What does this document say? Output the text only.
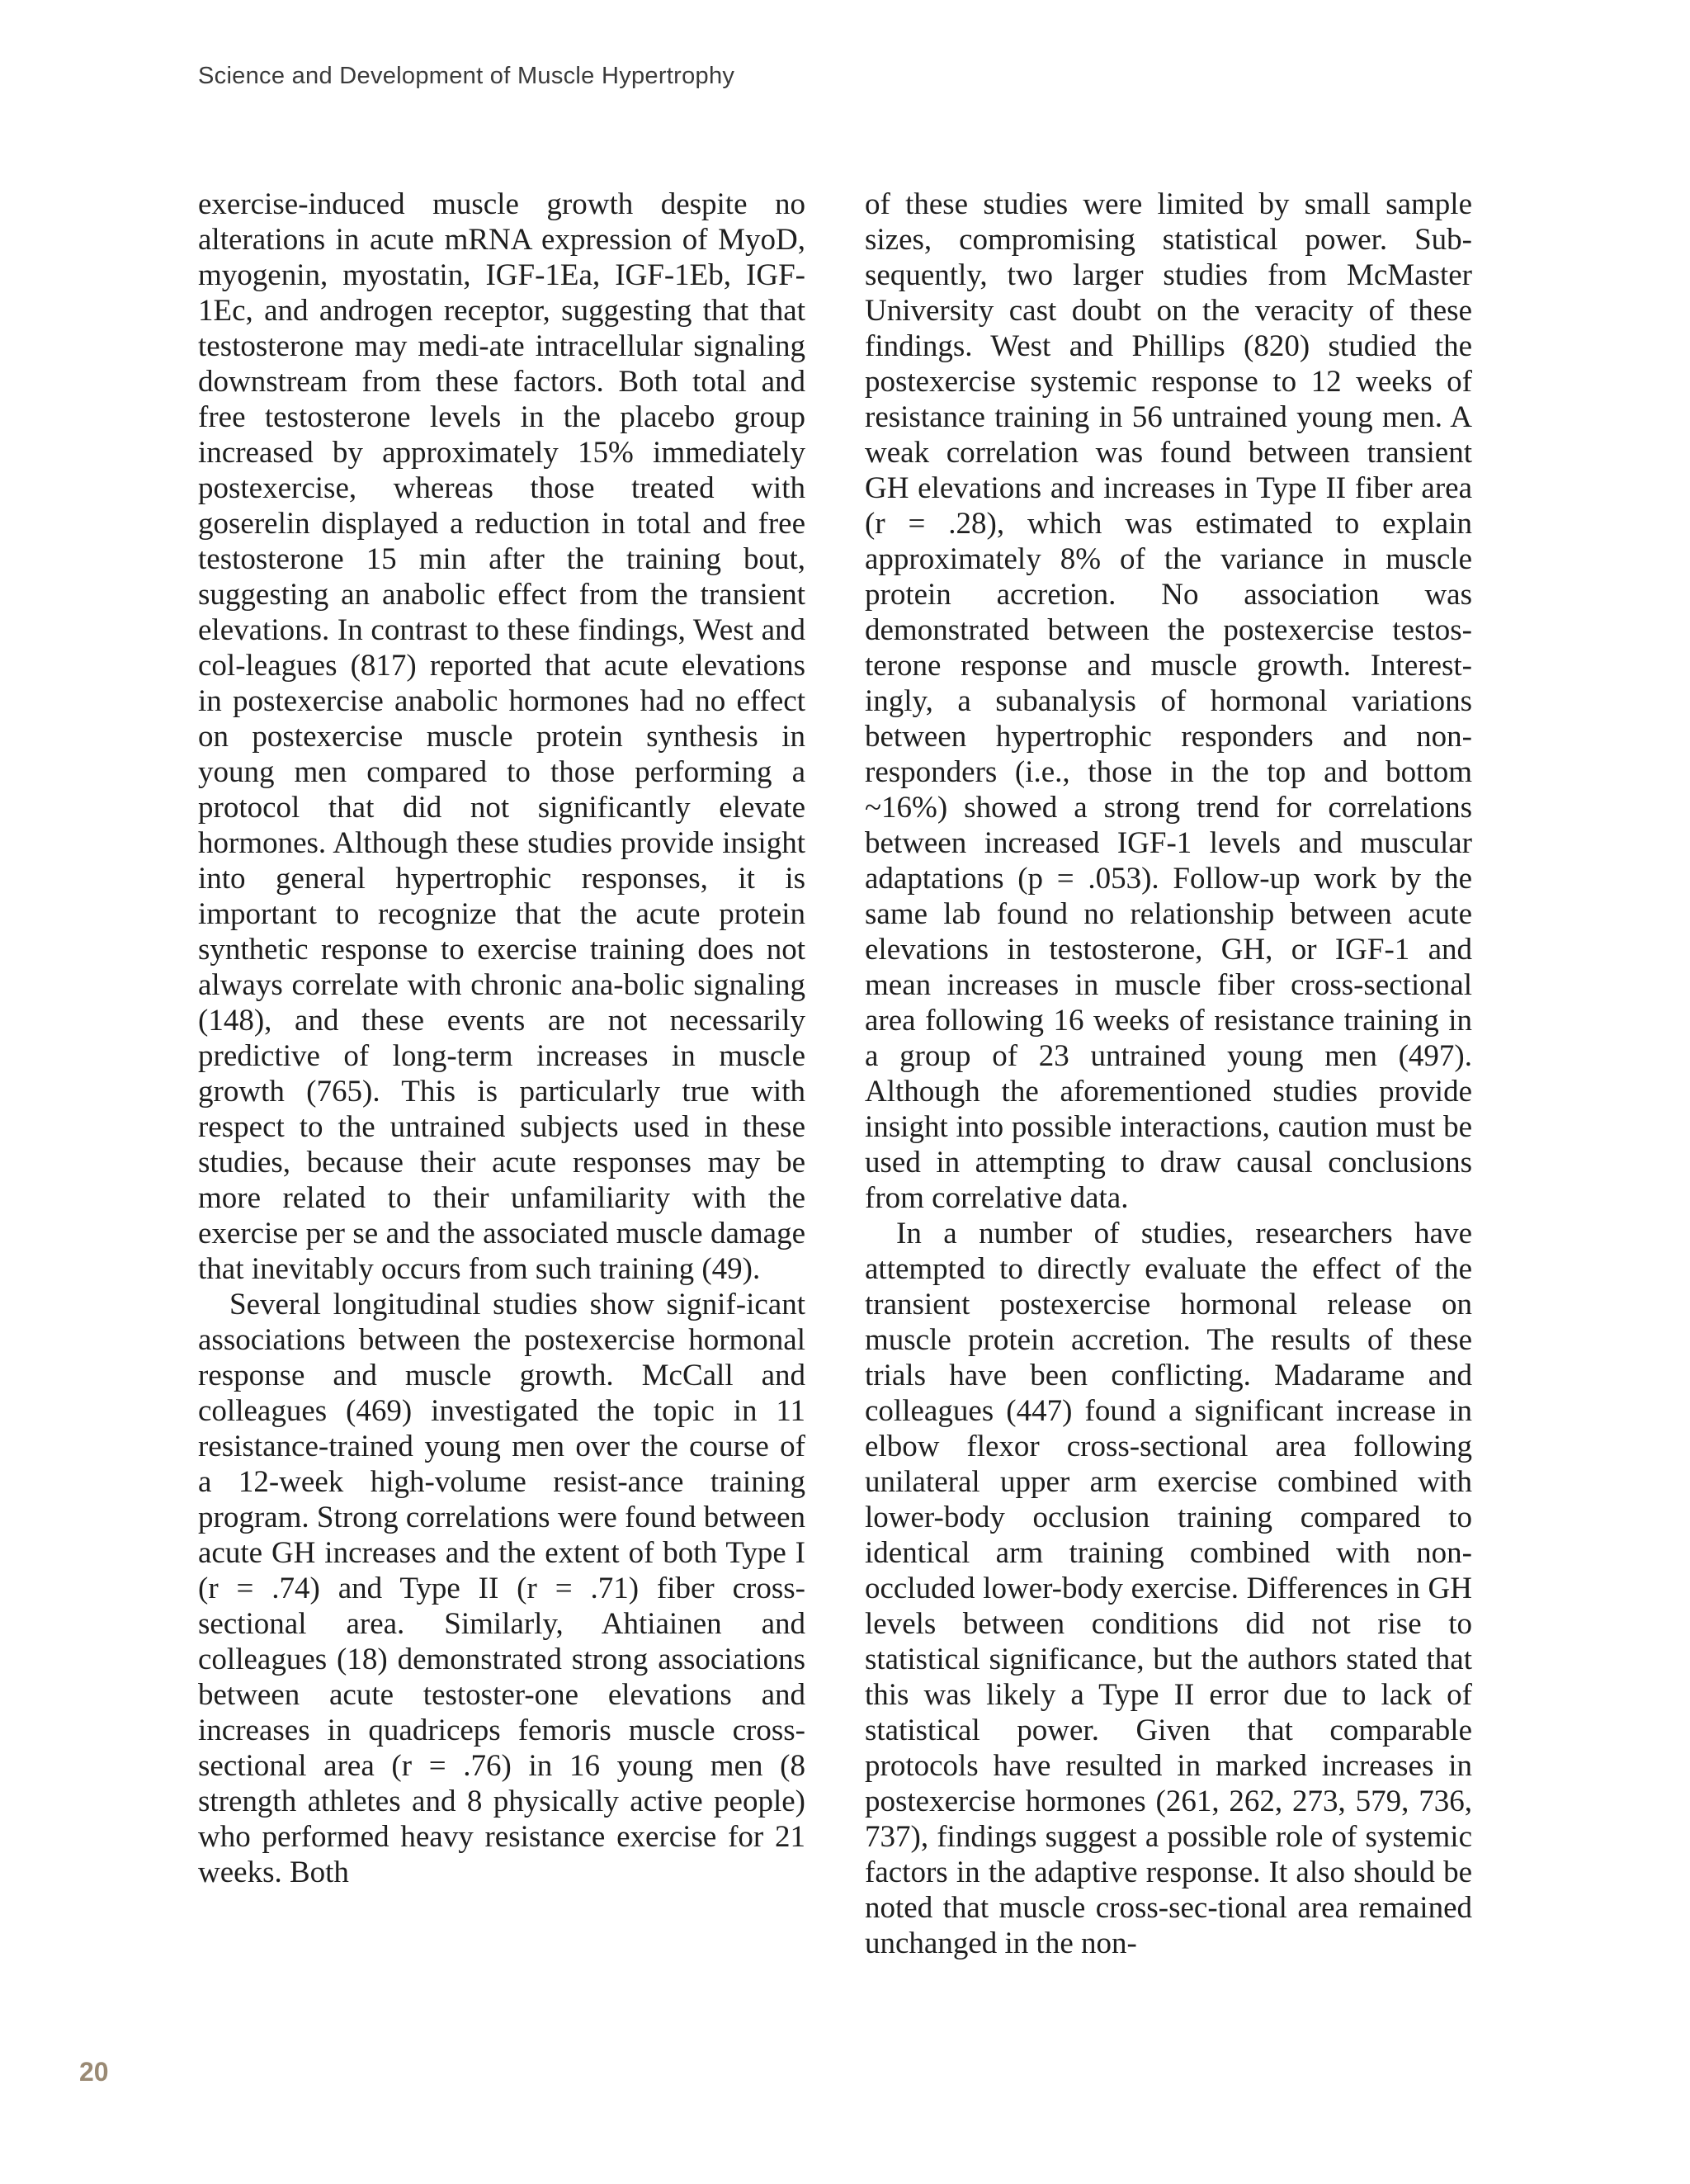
Science and Development of Muscle Hypertrophy

exercise-induced muscle growth despite no alterations in acute mRNA expression of MyoD, myogenin, myostatin, IGF-1Ea, IGF-1Eb, IGF-1Ec, and androgen receptor, suggesting that that testosterone may medi-ate intracellular signaling downstream from these factors. Both total and free testosterone levels in the placebo group increased by approximately 15% immediately postexercise, whereas those treated with goserelin displayed a reduction in total and free testosterone 15 min after the training bout, suggesting an anabolic effect from the transient elevations. In contrast to these findings, West and col-leagues (817) reported that acute elevations in postexercise anabolic hormones had no effect on postexercise muscle protein synthesis in young men compared to those performing a protocol that did not significantly elevate hormones. Although these studies provide insight into general hypertrophic responses, it is important to recognize that the acute protein synthetic response to exercise training does not always correlate with chronic ana-bolic signaling (148), and these events are not necessarily predictive of long-term increases in muscle growth (765). This is particularly true with respect to the untrained subjects used in these studies, because their acute responses may be more related to their unfamiliarity with the exercise per se and the associated muscle damage that inevitably occurs from such training (49).

Several longitudinal studies show signif-icant associations between the postexercise hormonal response and muscle growth. McCall and colleagues (469) investigated the topic in 11 resistance-trained young men over the course of a 12-week high-volume resist-ance training program. Strong correlations were found between acute GH increases and the extent of both Type I (r = .74) and Type II (r = .71) fiber cross-sectional area. Similarly, Ahtiainen and colleagues (18) demonstrated strong associations between acute testoster-one elevations and increases in quadriceps femoris muscle cross-sectional area (r = .76) in 16 young men (8 strength athletes and 8 physically active people) who performed heavy resistance exercise for 21 weeks. Both

of these studies were limited by small sample sizes, compromising statistical power. Sub-sequently, two larger studies from McMaster University cast doubt on the veracity of these findings. West and Phillips (820) studied the postexercise systemic response to 12 weeks of resistance training in 56 untrained young men. A weak correlation was found between transient GH elevations and increases in Type II fiber area (r = .28), which was estimated to explain approximately 8% of the variance in muscle protein accretion. No association was demonstrated between the postexercise testos-terone response and muscle growth. Interest-ingly, a subanalysis of hormonal variations between hypertrophic responders and non-responders (i.e., those in the top and bottom ~16%) showed a strong trend for correlations between increased IGF-1 levels and muscular adaptations (p = .053). Follow-up work by the same lab found no relationship between acute elevations in testosterone, GH, or IGF-1 and mean increases in muscle fiber cross-sectional area following 16 weeks of resistance training in a group of 23 untrained young men (497). Although the aforementioned studies provide insight into possible interactions, caution must be used in attempting to draw causal conclusions from correlative data.

In a number of studies, researchers have attempted to directly evaluate the effect of the transient postexercise hormonal release on muscle protein accretion. The results of these trials have been conflicting. Madarame and colleagues (447) found a significant increase in elbow flexor cross-sectional area following unilateral upper arm exercise combined with lower-body occlusion training compared to identical arm training combined with non-occluded lower-body exercise. Differences in GH levels between conditions did not rise to statistical significance, but the authors stated that this was likely a Type II error due to lack of statistical power. Given that comparable protocols have resulted in marked increases in postexercise hormones (261, 262, 273, 579, 736, 737), findings suggest a possible role of systemic factors in the adaptive response. It also should be noted that muscle cross-sec-tional area remained unchanged in the non-

20
